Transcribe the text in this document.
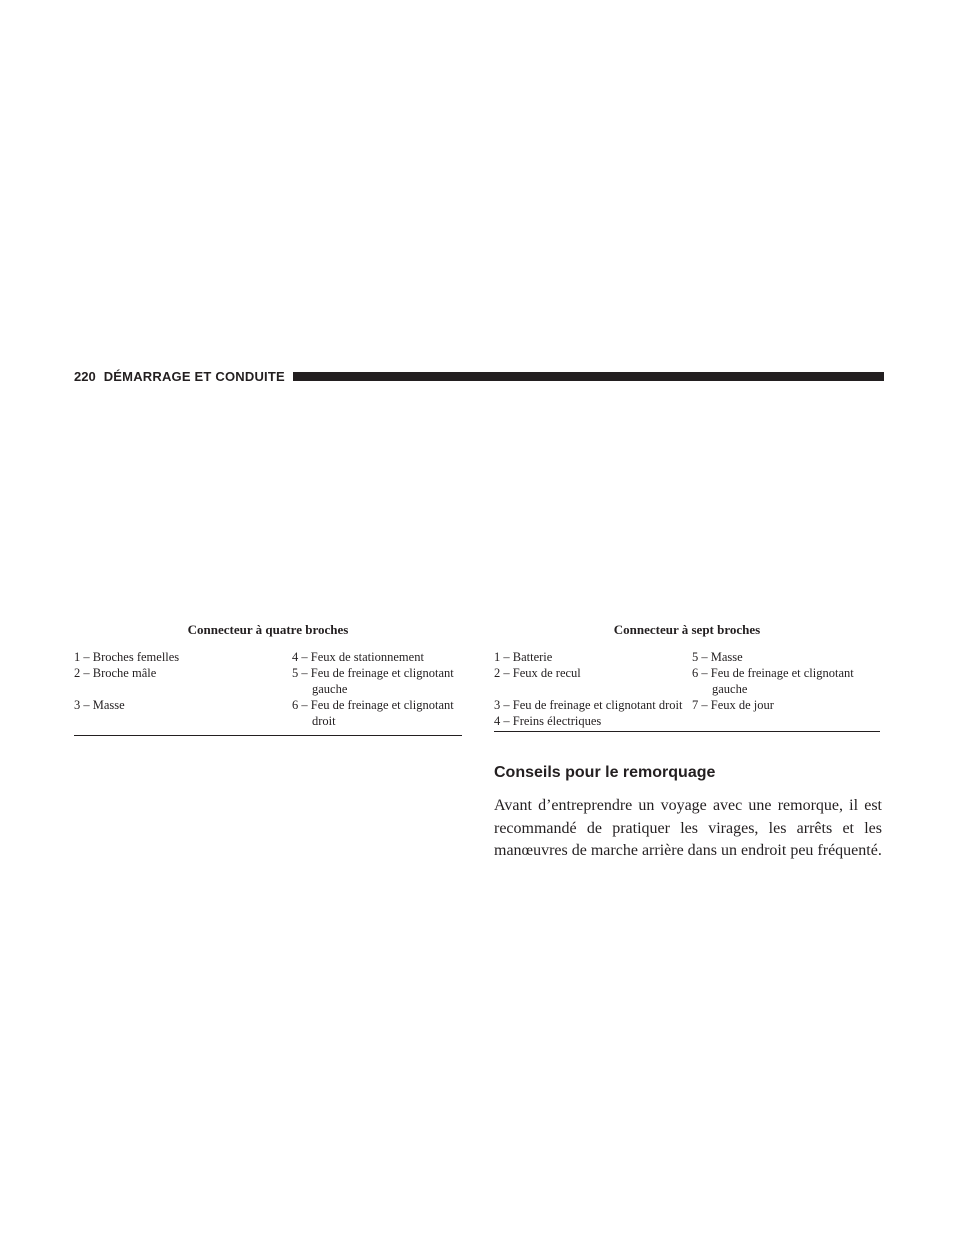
220 DÉMARRAGE ET CONDUITE
Connecteur à quatre broches
1 – Broches femelles	4 – Feux de stationnement
2 – Broche mâle	5 – Feu de freinage et clignotant gauche
3 – Masse	6 – Feu de freinage et clignotant droit
Connecteur à sept broches
1 – Batterie	5 – Masse
2 – Feux de recul	6 – Feu de freinage et clignotant gauche
3 – Feu de freinage et clignotant droit 7 – Feux de jour
4 – Freins électriques
Conseils pour le remorquage

Avant d’entreprendre un voyage avec une remorque, il est recommandé de pratiquer les virages, les arrêts et les manœuvres de marche arrière dans un endroit peu fréquenté.
